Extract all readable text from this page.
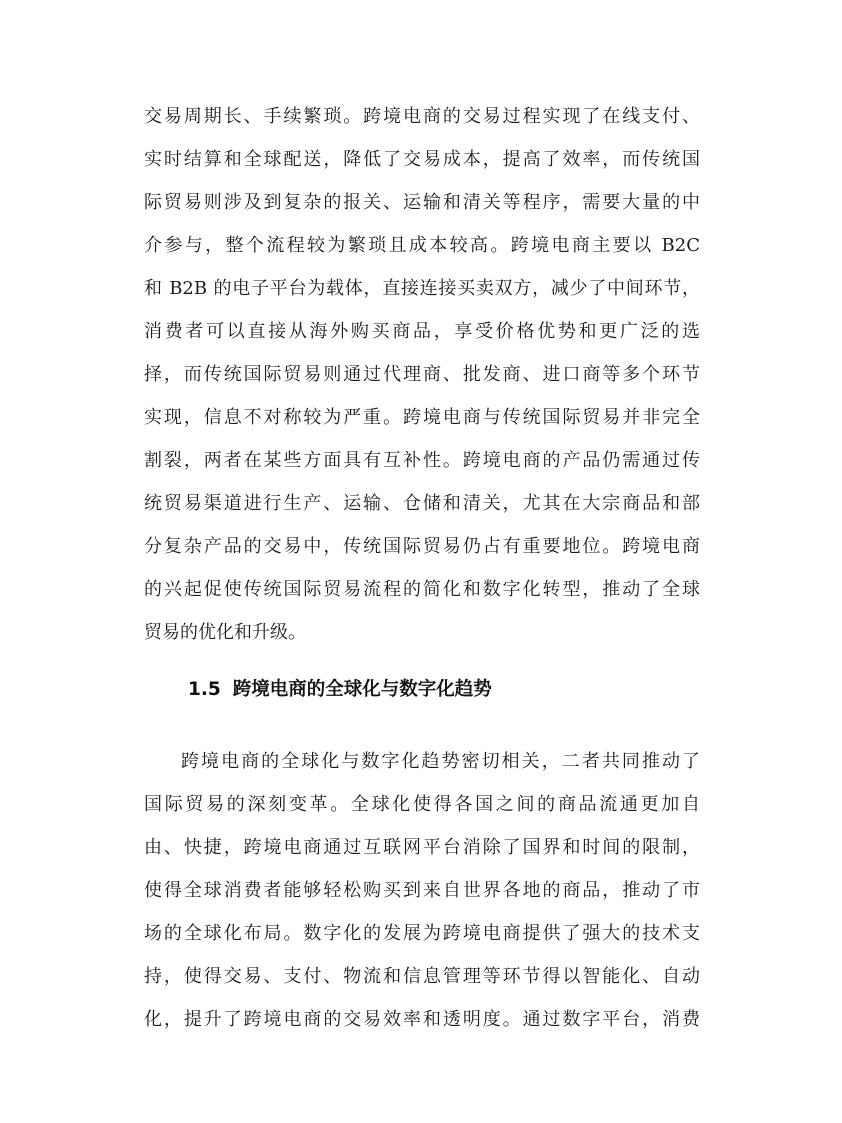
交易周期长、手续繁琐。跨境电商的交易过程实现了在线支付、
实时结算和全球配送，降低了交易成本，提高了效率，而传统国
际贸易则涉及到复杂的报关、运输和清关等程序，需要大量的中
介参与，整个流程较为繁琐且成本较高。跨境电商主要以 B2C
和 B2B 的电子平台为载体，直接连接买卖双方，减少了中间环节，
消费者可以直接从海外购买商品，享受价格优势和更广泛的选
择，而传统国际贸易则通过代理商、批发商、进口商等多个环节
实现，信息不对称较为严重。跨境电商与传统国际贸易并非完全
割裂，两者在某些方面具有互补性。跨境电商的产品仍需通过传
统贸易渠道进行生产、运输、仓储和清关，尤其在大宗商品和部
分复杂产品的交易中，传统国际贸易仍占有重要地位。跨境电商
的兴起促使传统国际贸易流程的简化和数字化转型，推动了全球
贸易的优化和升级。
1.5 跨境电商的全球化与数字化趋势
跨境电商的全球化与数字化趋势密切相关，二者共同推动了
国际贸易的深刻变革。全球化使得各国之间的商品流通更加自
由、快捷，跨境电商通过互联网平台消除了国界和时间的限制，
使得全球消费者能够轻松购买到来自世界各地的商品，推动了市
场的全球化布局。数字化的发展为跨境电商提供了强大的技术支
持，使得交易、支付、物流和信息管理等环节得以智能化、自动
化，提升了跨境电商的交易效率和透明度。通过数字平台，消费
